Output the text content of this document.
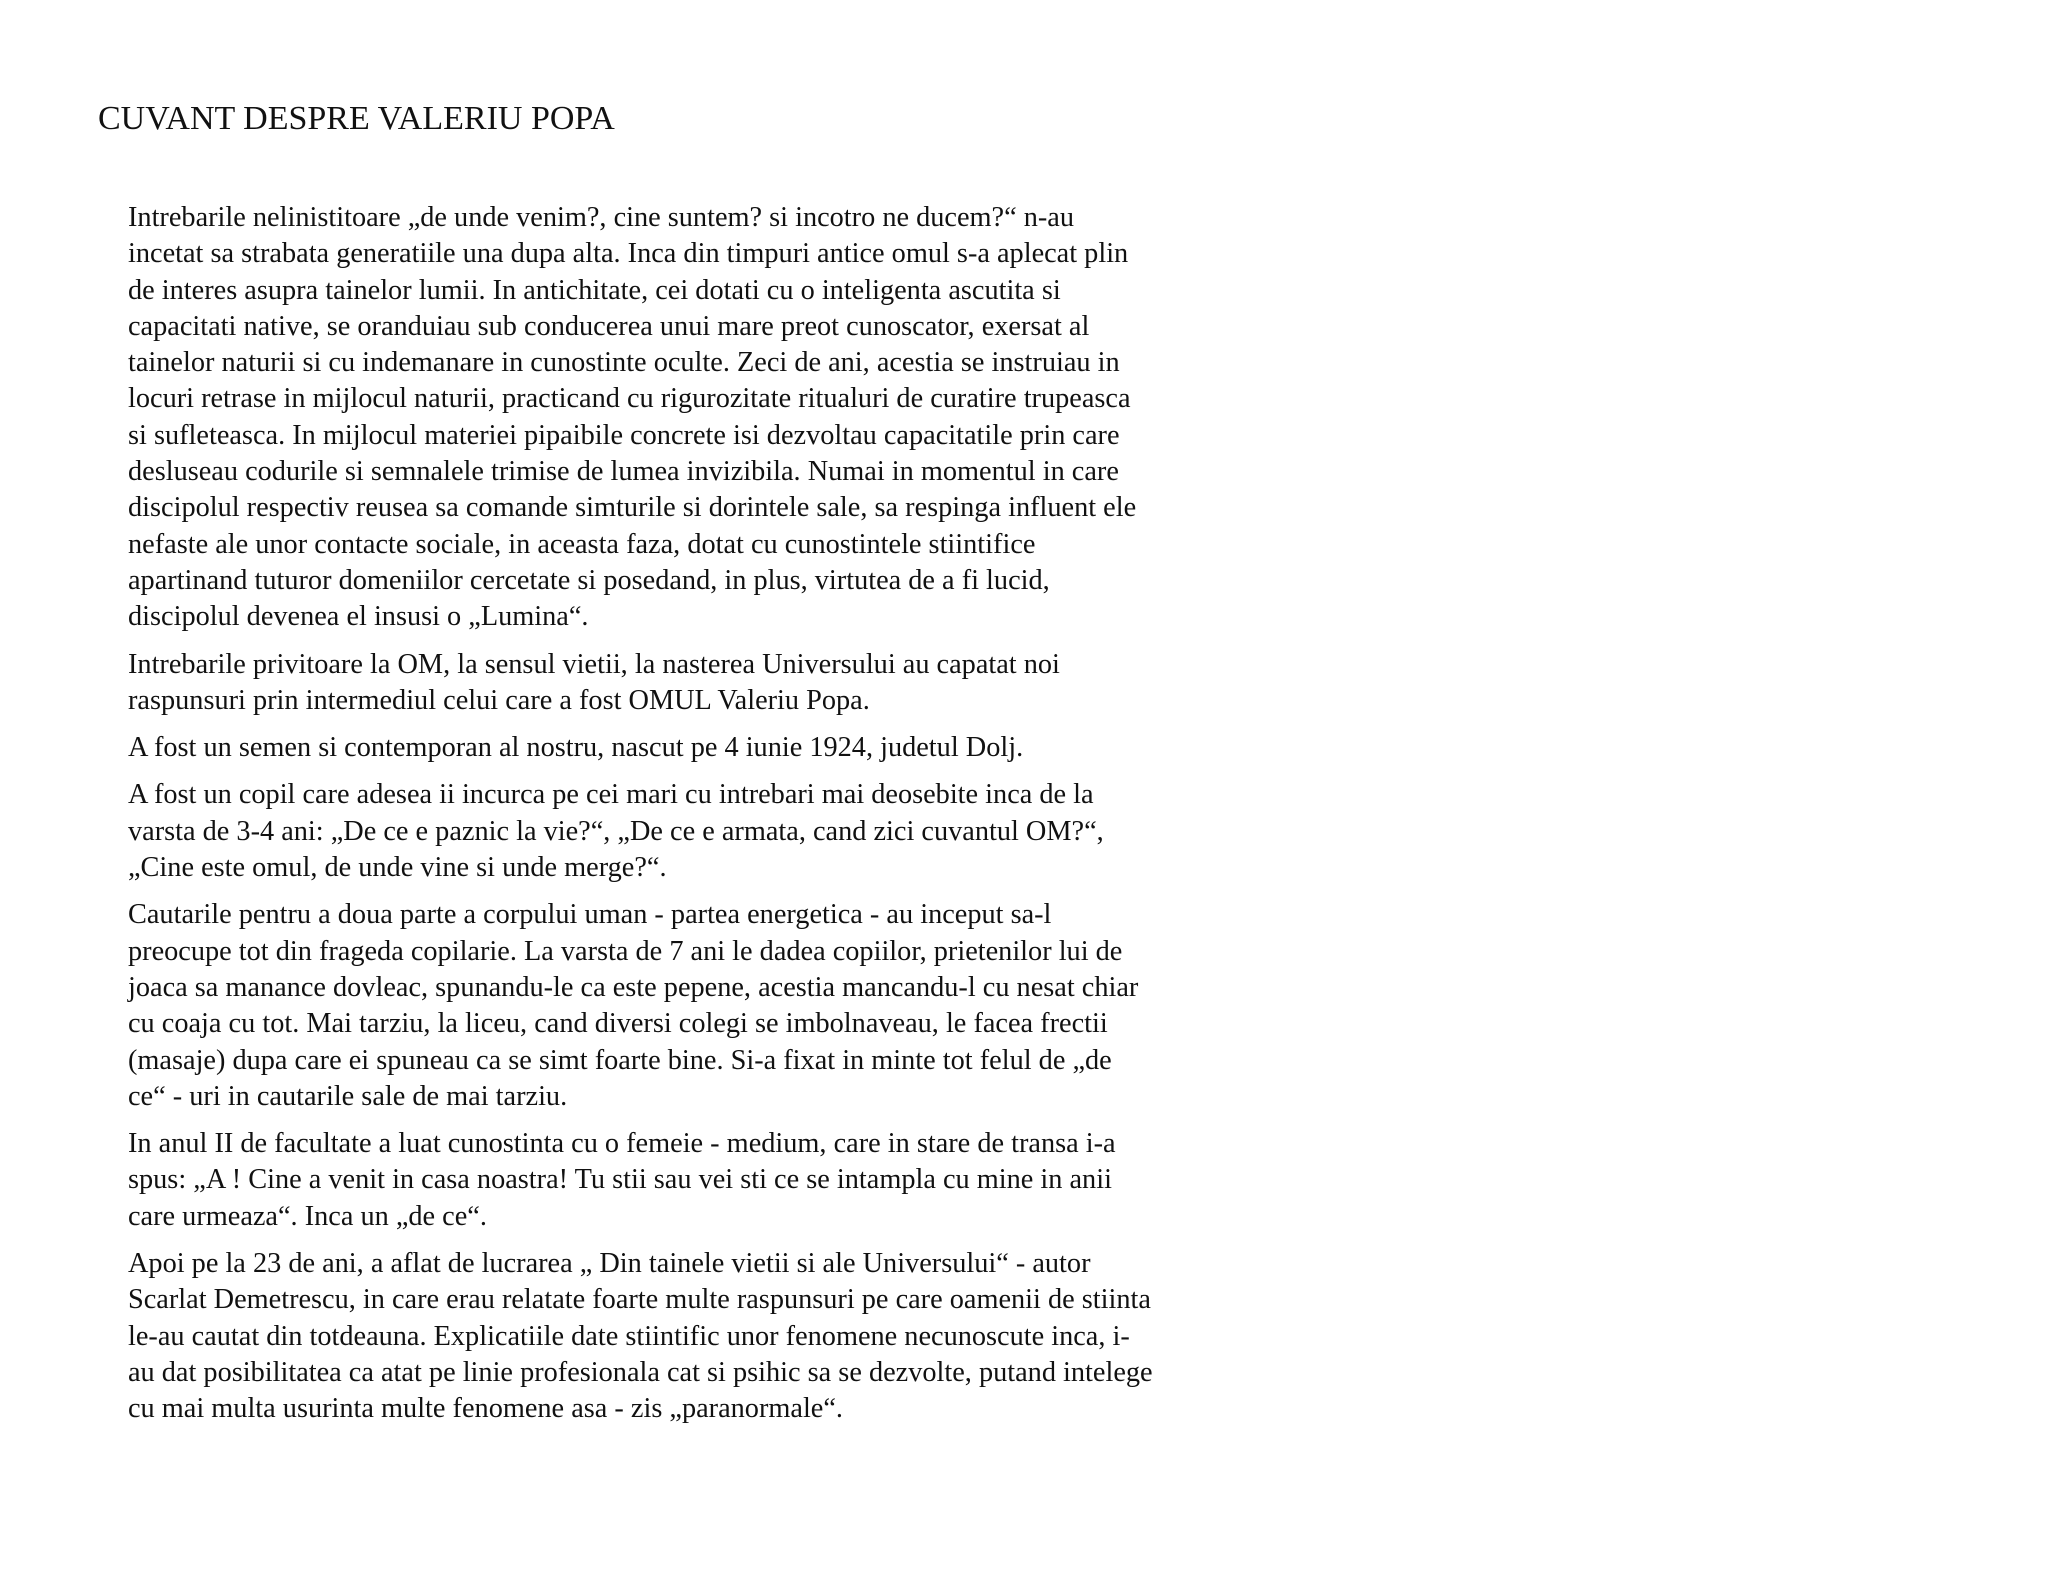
CUVANT DESPRE VALERIU POPA

Intrebarile nelinistitoare „de unde venim?, cine suntem? si incotro ne ducem?“ n-au
incetat sa strabata generatiile una dupa alta. Inca din timpuri antice omul s-a aplecat plin
de interes asupra tainelor lumii. In antichitate, cei dotati cu o inteligenta ascutita si
capacitati native, se oranduiau sub conducerea unui mare preot cunoscator, exersat al
tainelor naturii si cu indemanare in cunostinte oculte. Zeci de ani, acestia se instruiau in
locuri retrase in mijlocul naturii, practicand cu rigurozitate ritualuri de curatire trupeasca
si sufleteasca. In mijlocul materiei pipaibile concrete isi dezvoltau capacitatile prin care
desluseau codurile si semnalele trimise de lumea invizibila. Numai in momentul in care
discipolul respectiv reusea sa comande simturile si dorintele sale, sa respinga influent ele
nefaste ale unor contacte sociale, in aceasta faza, dotat cu cunostintele stiintifice
apartinand tuturor domeniilor cercetate si posedand, in plus, virtutea de a fi lucid,
discipolul devenea el insusi o „Lumina“.

Intrebarile privitoare la OM, la sensul vietii, la nasterea Universului au capatat noi
raspunsuri prin intermediul celui care a fost OMUL Valeriu Popa.

A fost un semen si contemporan al nostru, nascut pe 4 iunie 1924, judetul Dolj.

A fost un copil care adesea ii incurca pe cei mari cu intrebari mai deosebite inca de la
varsta de 3-4 ani: „De ce e paznic la vie?“, „De ce e armata, cand zici cuvantul OM?“,
„Cine este omul, de unde vine si unde merge?“.

Cautarile pentru a doua parte a corpului uman - partea energetica - au inceput sa-l
preocupe tot din frageda copilarie. La varsta de 7 ani le dadea copiilor, prietenilor lui de
joaca sa manance dovleac, spunandu-le ca este pepene, acestia mancandu-l cu nesat chiar
cu coaja cu tot. Mai tarziu, la liceu, cand diversi colegi se imbolnaveau, le facea frectii
(masaje) dupa care ei spuneau ca se simt foarte bine. Si-a fixat in minte tot felul de „de
ce“ - uri in cautarile sale de mai tarziu.

In anul II de facultate a luat cunostinta cu o femeie - medium, care in stare de transa i-a
spus: „A ! Cine a venit in casa noastra! Tu stii sau vei sti ce se intampla cu mine in anii
care urmeaza“. Inca un „de ce“.

Apoi pe la 23 de ani, a aflat de lucrarea „ Din tainele vietii si ale Universului“ - autor
Scarlat Demetrescu, in care erau relatate foarte multe raspunsuri pe care oamenii de stiinta
le-au cautat din totdeauna. Explicatiile date stiintific unor fenomene necunoscute inca, i-
au dat posibilitatea ca atat pe linie profesionala cat si psihic sa se dezvolte, putand intelege
cu mai multa usurinta multe fenomene asa - zis „paranormale“.
